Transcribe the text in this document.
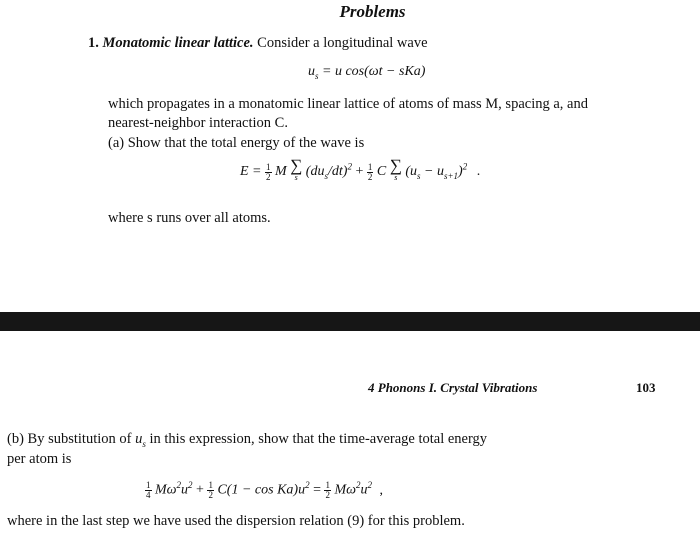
Problems
1. Monatomic linear lattice. Consider a longitudinal wave
$u_s = u$ cos(ωt − sKa)
which propagates in a monatomic linear lattice of atoms of mass M, spacing a, and
nearest-neighbor interaction C.
(a) Show that the total energy of the wave is
$E = \frac{1}{2}$ M ∑
s $(du_s/dt)^2 + \frac{1}{2}$ C ∑
s $(u_s - u_{s+1})^2$ .
where s runs over all atoms.
4 Phonons I. Crystal Vibrations	103
(b) By substitution of $u_s$ in this expression, show that the time-average total energy
per atom is
$\frac{1}{4} M\omega^2u^2 + \frac{1}{2} C(1 - \cos Ka)u^2 = \frac{1}{2} M\omega^2u^2$ ,
where in the last step we have used the dispersion relation (9) for this problem.
